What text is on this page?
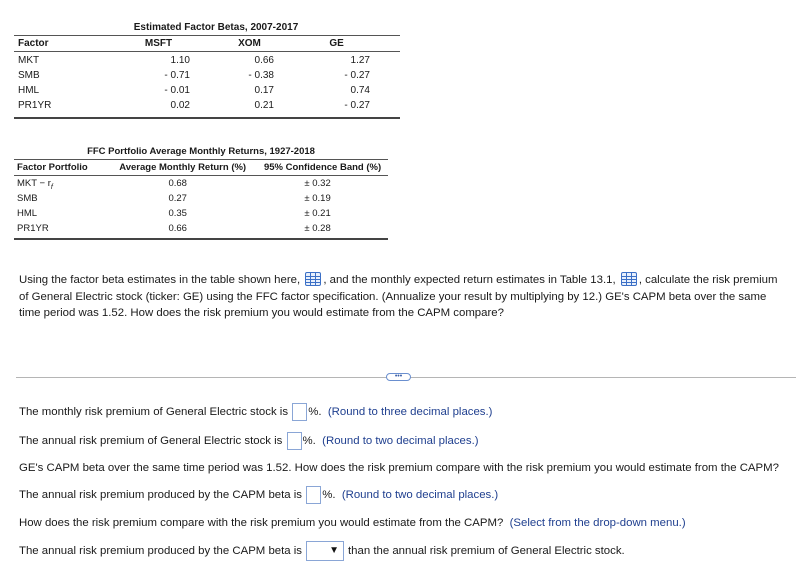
Estimated Factor Betas, 2007-2017
Factor	MSFT	XOM	GE
MKT	1.10	0.66	1.27
SMB	- 0.71	- 0.38	- 0.27
HML	- 0.01	0.17	0.74
PR1YR	0.02	0.21	- 0.27
FFC Portfolio Average Monthly Returns, 1927-2018
Factor Portfolio	Average Monthly Return (%)	95% Confidence Band (%)
MKT − $r_f$	0.68	± 0.32
SMB	0.27	± 0.19
HML	0.35	± 0.21
PR1YR	0.66	± 0.28
Using the factor beta estimates in the table shown here, , and the monthly expected return estimates in Table 13.1, , calculate the risk premium of General Electric stock (ticker: GE) using the FFC factor specification. (Annualize your result by multiplying by 12.) GE's CAPM beta over the same time period was 1.52. How does the risk premium you would estimate from the CAPM compare?
•••
The monthly risk premium of General Electric stock is
%.
(Round to three decimal places.)
The annual risk premium of General Electric stock is
%.
(Round to two decimal places.)
GE's CAPM beta over the same time period was 1.52. How does the risk premium compare with the risk premium you would estimate from the CAPM?
The annual risk premium produced by the CAPM beta is
%.
(Round to two decimal places.)
How does the risk premium compare with the risk premium you would estimate from the CAPM?
(Select from the drop-down menu.)
The annual risk premium produced by the CAPM beta is	▼ than the annual risk premium of General Electric stock.
